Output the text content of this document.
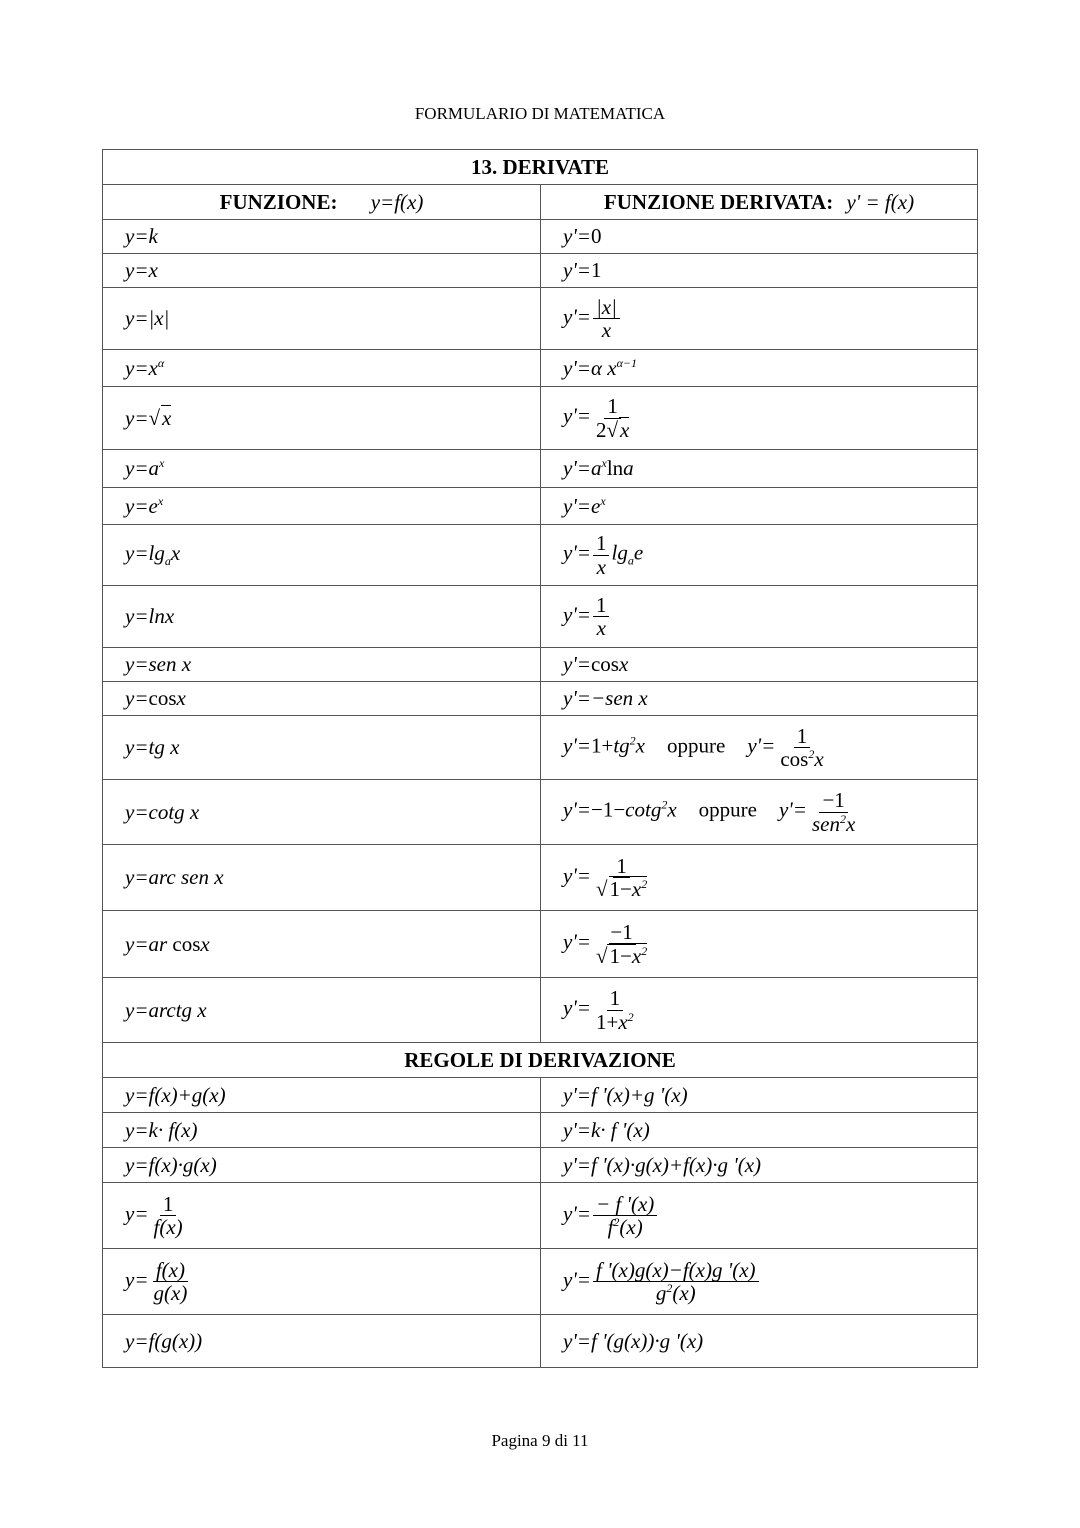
FORMULARIO DI MATEMATICA
13. DERIVATE	
FUNZIONE: y=f(x)	FUNZIONE DERIVATA: y' = f(x)
y=k	y'=0
y=x	y'=1
y=|x|	$y'= \frac{|x|}{x}$

$y=x^\alpha$	y'=α $x^{\alpha-1}$
y=√x	$y'= \frac{1}{2√x}$

$y=a^x$	$y'=a^x\ln a$
$y=e^x$	$y'=e^x$
$y=\lg_ax$	$y'= \frac{1}{x} \lg_ae$
y=lnx	$y'= \frac{1}{x}$

y=sen x	y'=cosx
y=cosx	y'=−sen x
y=tg x	$y'=1+tg^2x$ oppure $y'= \frac{1}{\cos^2x}$

y=cotg x	y'=−1−cotg$^2$x oppure $y'= \frac{-1}{sen^2x}$

y=arc sen x	$y'= \frac{1}{√1-x^2}$

y=ar cosx	$y'= \frac{-1}{√1-x^2}$

y=arctg x	$y'= \frac{1}{1+x^2}$

REGOLE DI DERIVAZIONE	
y=f(x)+g(x)	y'=f '(x)+g '(x)
y=k· f(x)	y'=k· f '(x)
y=f(x)·g(x)	y'=f '(x)·g(x)+f(x)·g '(x)
$y= \frac{1}{f(x)}$	$y'= \frac{- f '(x)}{f^2(x)}$

$y= \frac{f(x)}{g(x)}$	$y'= \frac{f '(x)g(x)-f(x)g '(x)}{g^2(x)}$

y=f(g(x))	y'=f '(g(x))·g '(x)
Pagina 9 di 11
